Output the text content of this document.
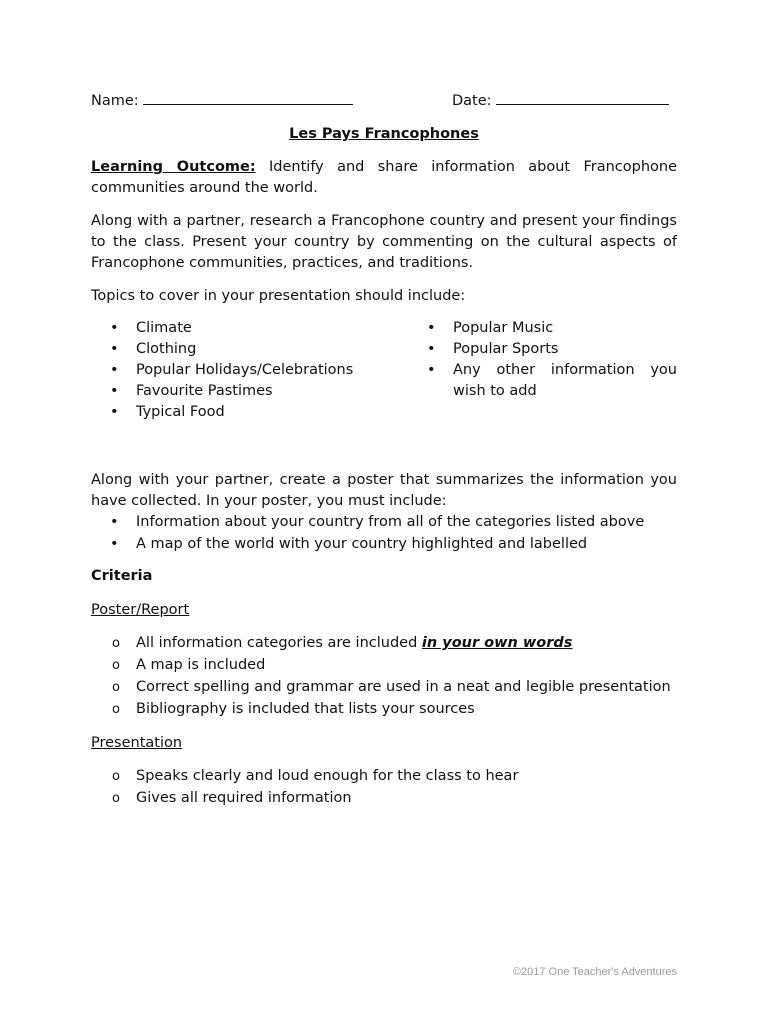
Name:	Date:
Les Pays Francophones

Learning Outcome: Identify and share information about Francophone communities around the world.

Along with a partner, research a Francophone country and present your findings to the class. Present your country by commenting on the cultural aspects of Francophone communities, practices, and traditions.

Topics to cover in your presentation should include:

• Climate
• Clothing
• Popular Holidays/Celebrations
• Favourite Pastimes
• Typical Food
• Popular Music
• Popular Sports
• Any other information you wish to add

Along with your partner, create a poster that summarizes the information you have collected. In your poster, you must include:

• Information about your country from all of the categories listed above
• A map of the world with your country highlighted and labelled
Criteria
Poster/Report
o All information categories are included in your own words
o A map is included
o Correct spelling and grammar are used in a neat and legible presentation
o Bibliography is included that lists your sources
Presentation
o Speaks clearly and loud enough for the class to hear
o Gives all required information
©2017 One Teacher's Adventures
